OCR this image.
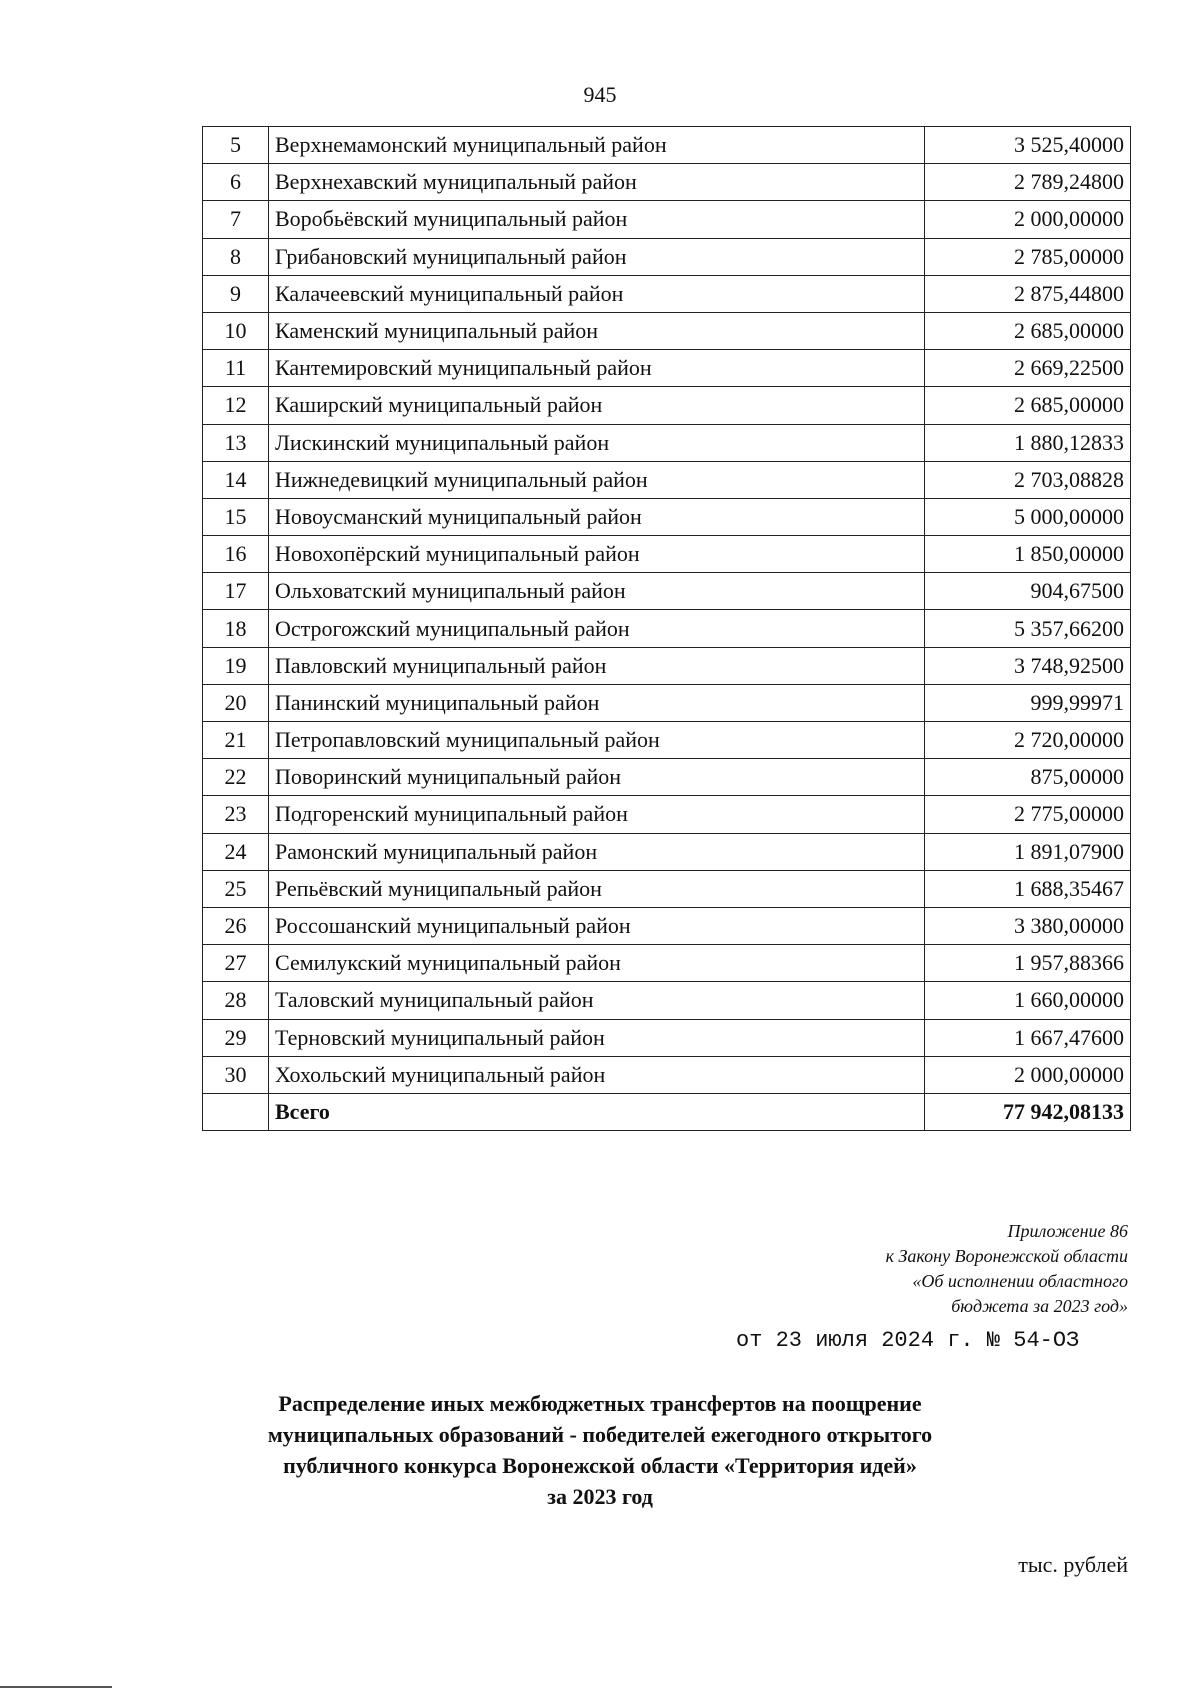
945
5	Верхнемамонский муниципальный район	3 525,40000
6	Верхнехавский муниципальный район	2 789,24800
7	Воробьёвский муниципальный район	2 000,00000
8	Грибановский муниципальный район	2 785,00000
9	Калачеевский муниципальный район	2 875,44800
10	Каменский муниципальный район	2 685,00000
11	Кантемировский муниципальный район	2 669,22500
12	Каширский муниципальный район	2 685,00000
13	Лискинский муниципальный район	1 880,12833
14	Нижнедевицкий муниципальный район	2 703,08828
15	Новоусманский муниципальный район	5 000,00000
16	Новохопёрский муниципальный район	1 850,00000
17	Ольховатский муниципальный район	904,67500
18	Острогожский муниципальный район	5 357,66200
19	Павловский муниципальный район	3 748,92500
20	Панинский муниципальный район	999,99971
21	Петропавловский муниципальный район	2 720,00000
22	Поворинский муниципальный район	875,00000
23	Подгоренский муниципальный район	2 775,00000
24	Рамонский муниципальный район	1 891,07900
25	Репьёвский муниципальный район	1 688,35467
26	Россошанский муниципальный район	3 380,00000
27	Семилукский муниципальный район	1 957,88366
28	Таловский муниципальный район	1 660,00000
29	Терновский муниципальный район	1 667,47600
30	Хохольский муниципальный район	2 000,00000
	Всего	77 942,08133
Приложение 86
к Закону Воронежской области
«Об исполнении областного
бюджета за 2023 год»
от 23 июля 2024 г. № 54-ОЗ
Распределение иных межбюджетных трансфертов на поощрение
муниципальных образований - победителей ежегодного открытого
публичного конкурса Воронежской области «Территория идей»
за 2023 год
тыс. рублей
